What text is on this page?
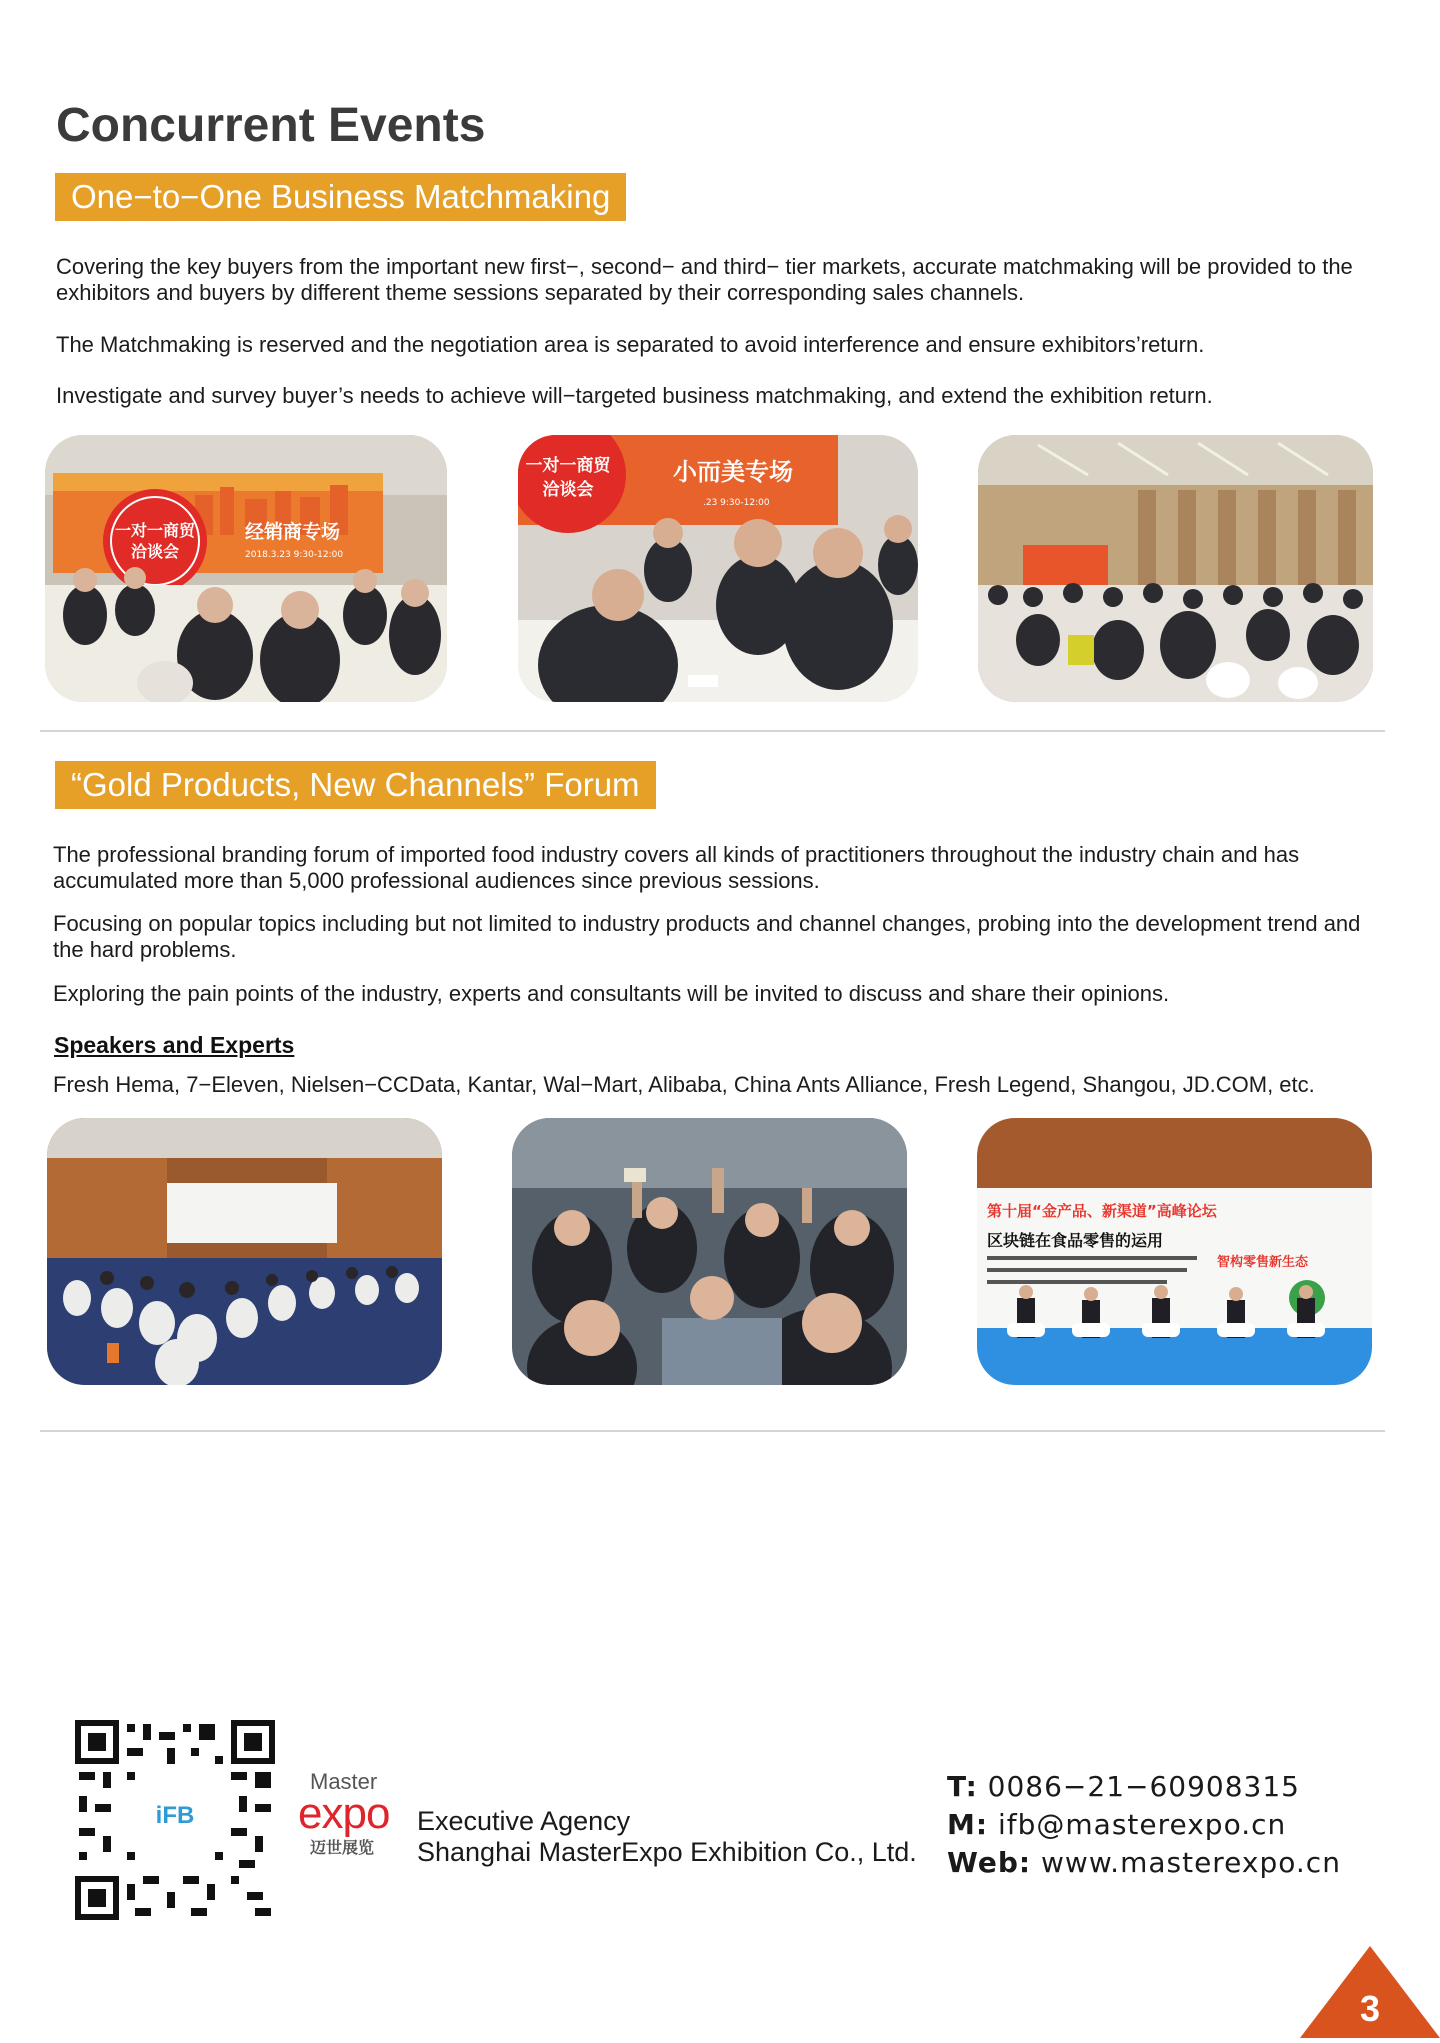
Concurrent Events
One−to−One Business Matchmaking

Covering the key buyers from the important new first−, second− and third− tier markets, accurate matchmaking will be provided to the exhibitors and buyers by different theme sessions separated by their corresponding sales channels.

The Matchmaking is reserved and the negotiation area is separated to avoid interference and ensure exhibitors’return.

Investigate and survey buyer’s needs to achieve will−targeted business matchmaking, and extend the exhibition return.

一对一商贸
洽谈会
经销商专场
2018.3.23 9:30-12:00
一对一商贸
洽谈会
小而美专场
.23 9:30-12:00
“Gold Products, New Channels” Forum

The professional branding forum of imported food industry covers all kinds of practitioners throughout the industry chain and has accumulated more than 5,000 professional audiences since previous sessions.

Focusing on popular topics including but not limited to industry products and channel changes, probing into the development trend and the hard problems.

Exploring the pain points of the industry, experts and consultants will be invited to discuss and share their opinions.

Speakers and Experts

Fresh Hema, 7−Eleven, Nielsen−CCData, Kantar, Wal−Mart, Alibaba, China Ants Alliance, Fresh Legend, Shangou, JD.COM, etc.

第十届“金产品、新渠道”高峰论坛
区块链在食品零售的运用
智构零售新生态
iFB
Master
expo
迈世展览
Executive Agency
Shanghai MasterExpo Exhibition Co., Ltd.
T: 0086−21−60908315
M: ifb@masterexpo.cn
Web: www.masterexpo.cn
3
